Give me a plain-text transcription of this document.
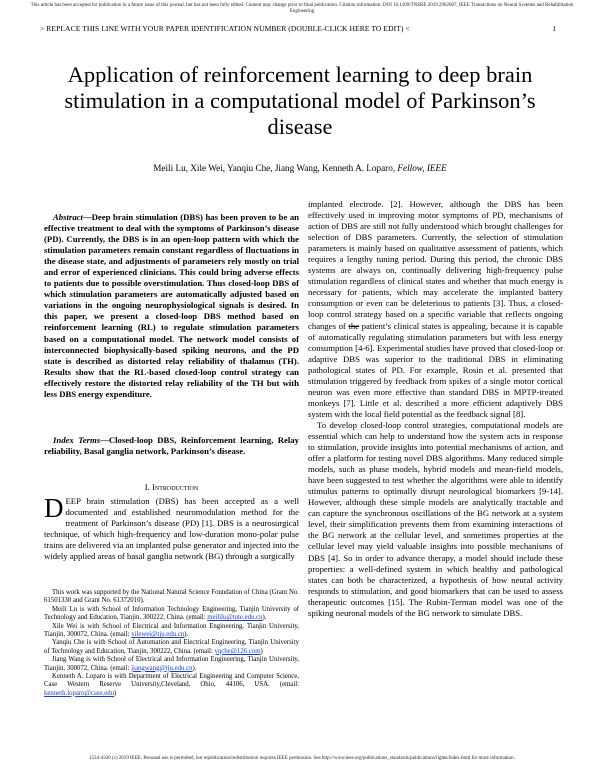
This article has been accepted for publication in a future issue of this journal, but has not been fully edited. Content may change prior to final publication. Citation information: DOI 10.1109/TNSRE.2019.2962607, IEEE Transactions on Neural Systems and Rehabilitation Engineering
> REPLACE THIS LINE WITH YOUR PAPER IDENTIFICATION NUMBER (DOUBLE-CLICK HERE TO EDIT) <	1
Application of reinforcement learning to deep brain stimulation in a computational model of Parkinson’s disease
Meili Lu, Xile Wei, Yanqiu Che, Jiang Wang, Kenneth A. Loparo, Fellow, IEEE
Abstract—Deep brain stimulation (DBS) has been proven to be an effective treatment to deal with the symptoms of Parkinson’s disease (PD). Currently, the DBS is in an open-loop pattern with which the stimulation parameters remain constant regardless of fluctuations in the disease state, and adjustments of parameters rely mostly on trial and error of experienced clinicians. This could bring adverse effects to patients due to possible overstimulation. Thus closed-loop DBS of which stimulation parameters are automatically adjusted based on variations in the ongoing neurophysiological signals is desired. In this paper, we present a closed-loop DBS method based on reinforcement learning (RL) to regulate stimulation parameters based on a computational model. The network model consists of interconnected biophysically-based spiking neurons, and the PD state is described as distorted relay reliability of thalamus (TH). Results show that the RL-based closed-loop control strategy can effectively restore the distorted relay reliability of the TH but with less DBS energy expenditure.
Index Terms—Closed-loop DBS, Reinforcement learning, Relay reliability, Basal ganglia network, Parkinson’s disease.
I. Introduction
DEEP brain stimulation (DBS) has been accepted as a well documented and established neuromodulation method for the treatment of Parkinson’s disease (PD) [1]. DBS is a neurosurgical technique, of which high-frequency and low-duration mono-polar pulse trains are delivered via an implanted pulse generator and injected into the widely applied areas of basal ganglia network (BG) through a surgically

This work was supported by the National Natural Science Foundation of China (Grant No. 61501330 and Grant No. 61372010).

Meili Lu is with School of Information Technology Engineering, Tianjin University of Technology and Education, Tianjin, 300222, China. (email: meililu@tute.edu.cn).

Xile Wei is with School of Electrical and Information Engineering, Tianjin University, Tianjin, 300072, China. (email: xilewei@tju.edu.cn).

Yanqiu Che is with School of Automation and Electrical Engineering, Tianjin University of Technology and Education, Tianjin, 300222, China. (email: yqche@126.com)

Jiang Wang is with School of Electrical and Information Engineering, Tianjin University, Tianjin, 300072, China. (email: jiangwang@tju.edu.cn).

Kenneth A. Loparo is with Department of Electrical Engineering and Computer Science, Case Western Reserve University,Cleveland, Ohio, 44106, USA. (email: kenneth.loparo@case.edu)

implanted electrode. [2]. However, although the DBS has been effectively used in improving motor symptoms of PD, mechanisms of action of DBS are still not fully understood which brought challenges for selection of DBS parameters. Currently, the selection of stimulation parameters is mainly based on qualitative assessment of patients, which requires a lengthy tuning period. During this period, the chronic DBS systems are always on, continually delivering high-frequency pulse stimulation regardless of clinical states and whether that much energy is necessary for patients, which may accelerate the implanted battery consumption or even can be deleterious to patients [3]. Thus, a closed-loop control strategy based on a specific variable that reflects ongoing changes of the patient’s clinical states is appealing, because it is capable of automatically regulating stimulation parameters but with less energy consumption [4-6]. Experimental studies have proved that closed-loop or adaptive DBS was superior to the traditional DBS in eliminating pathological states of PD. For example, Rosin et al. presented that stimulation triggered by feedback from spikes of a single motor cortical neuron was even more effective than standard DBS in MPTP-treated monkeys [7]. Little et al. described a more efficient adaptively DBS system with the local field potential as the feedback signal [8].

To develop closed-loop control strategies, computational models are essential which can help to understand how the system acts in response to stimulation, provide insights into potential mechanisms of action, and offer a platform for testing novel DBS algorithms. Many reduced simple models, such as phase models, hybrid models and mean-field models, have been suggested to test whether the algorithms were able to identify stimulus patterns to optimally disrupt neurological biomarkers [9-14]. However, although these simple models are analytically tractable and can capture the synchronous oscillations of the BG network at a system level, their simplification prevents them from examining interactions of the BG network at the cellular level, and sometimes properties at the cellular level may yield valuable insights into possible mechanisms of DBS [4]. So in order to advance therapy, a model should include these properties: a well-defined system in which healthy and pathological states can both be characterized, a hypothesis of how neural activity responds to stimulation, and good biomarkers that can be used to assess therapeutic outcomes [15]. The Rubin-Terman model was one of the spiking neuronal models of the BG network to simulate DBS.

1534-4320 (c) 2019 IEEE. Personal use is permitted, but republication/redistribution requires IEEE permission. See http://www.ieee.org/publications_standards/publications/rights/index.html for more information.
